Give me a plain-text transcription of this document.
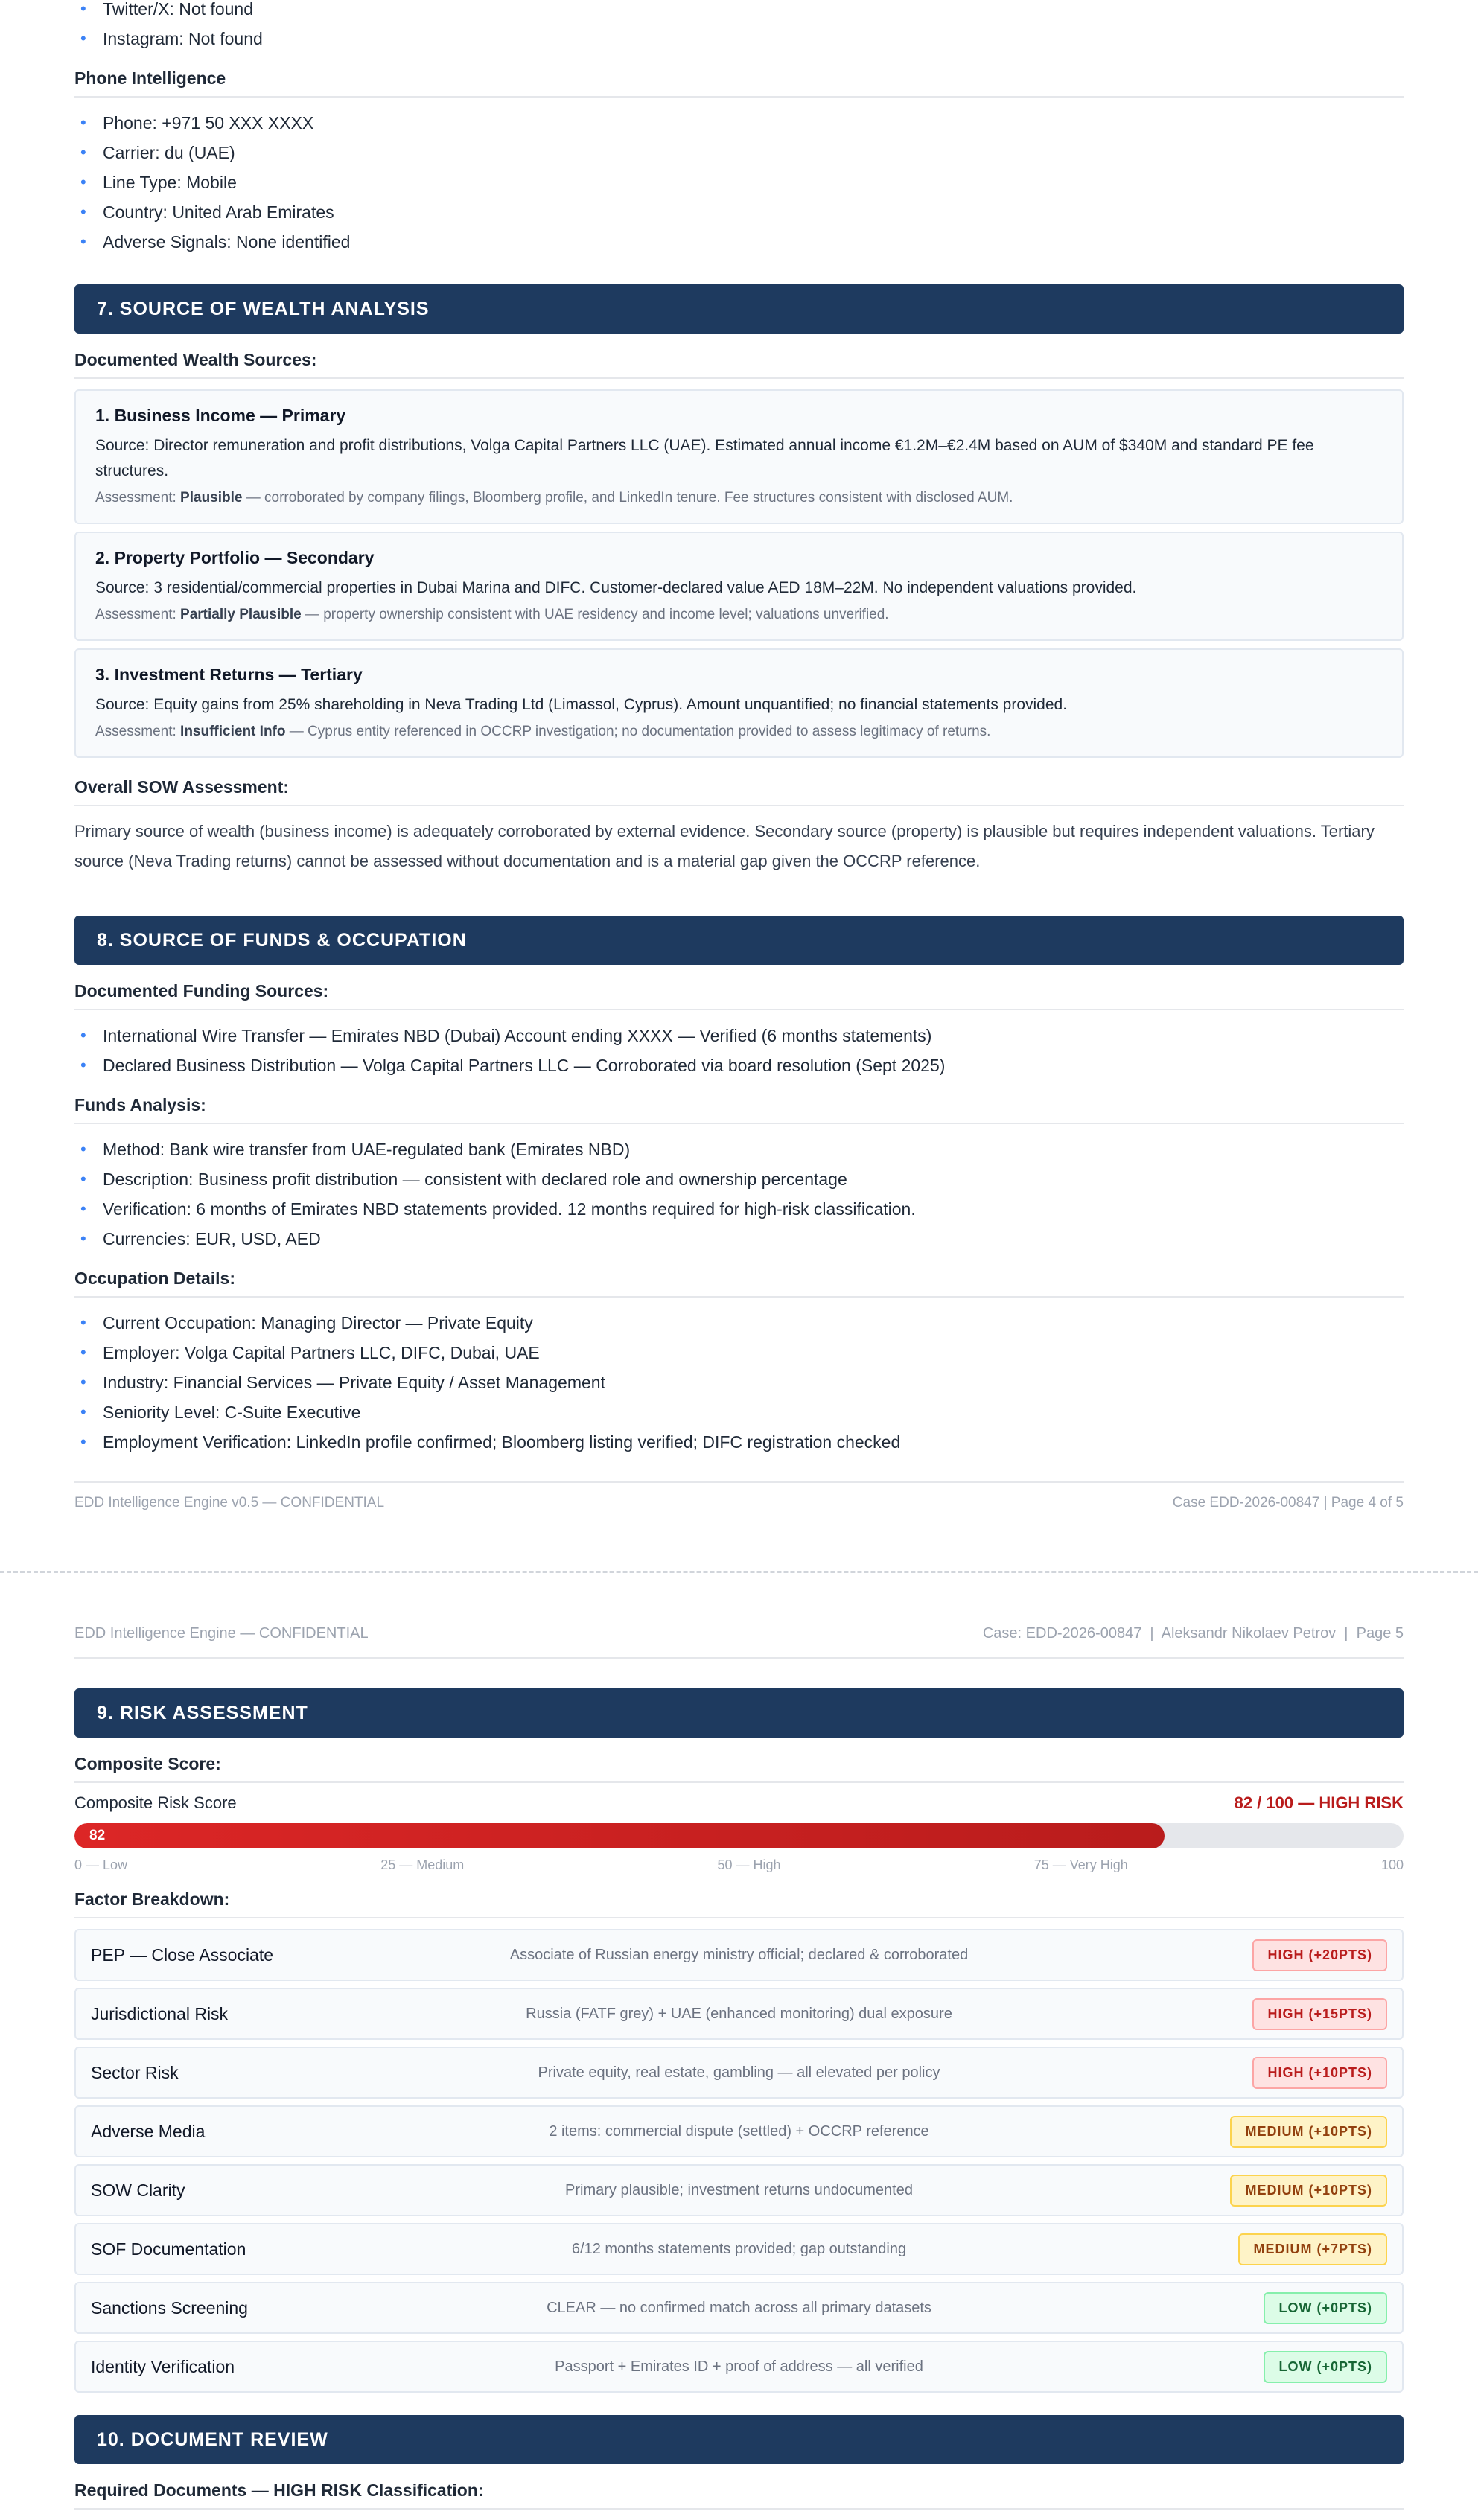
• Twitter/X: Not found
• Instagram: Not found
Phone Intelligence
• Phone: +971 50 XXX XXXX
• Carrier: du (UAE)
• Line Type: Mobile
• Country: United Arab Emirates
• Adverse Signals: None identified
7. SOURCE OF WEALTH ANALYSIS
Documented Wealth Sources:
1. Business Income — Primary
Source: Director remuneration and profit distributions, Volga Capital Partners LLC (UAE). Estimated annual income €1.2M–€2.4M based on AUM of $340M and standard PE fee structures.
Assessment: Plausible — corroborated by company filings, Bloomberg profile, and LinkedIn tenure. Fee structures consistent with disclosed AUM.
2. Property Portfolio — Secondary
Source: 3 residential/commercial properties in Dubai Marina and DIFC. Customer-declared value AED 18M–22M. No independent valuations provided.
Assessment: Partially Plausible — property ownership consistent with UAE residency and income level; valuations unverified.
3. Investment Returns — Tertiary
Source: Equity gains from 25% shareholding in Neva Trading Ltd (Limassol, Cyprus). Amount unquantified; no financial statements provided.
Assessment: Insufficient Info — Cyprus entity referenced in OCCRP investigation; no documentation provided to assess legitimacy of returns.
Overall SOW Assessment:
Primary source of wealth (business income) is adequately corroborated by external evidence. Secondary source (property) is plausible but requires independent valuations. Tertiary source (Neva Trading returns) cannot be assessed without documentation and is a material gap given the OCCRP reference.
8. SOURCE OF FUNDS & OCCUPATION
Documented Funding Sources:
• International Wire Transfer — Emirates NBD (Dubai) Account ending XXXX — Verified (6 months statements)
• Declared Business Distribution — Volga Capital Partners LLC — Corroborated via board resolution (Sept 2025)
Funds Analysis:
• Method: Bank wire transfer from UAE-regulated bank (Emirates NBD)
• Description: Business profit distribution — consistent with declared role and ownership percentage
• Verification: 6 months of Emirates NBD statements provided. 12 months required for high-risk classification.
• Currencies: EUR, USD, AED
Occupation Details:
• Current Occupation: Managing Director — Private Equity
• Employer: Volga Capital Partners LLC, DIFC, Dubai, UAE
• Industry: Financial Services — Private Equity / Asset Management
• Seniority Level: C-Suite Executive
• Employment Verification: LinkedIn profile confirmed; Bloomberg listing verified; DIFC registration checked
EDD Intelligence Engine v0.5 — CONFIDENTIAL	Case EDD-2026-00847 | Page 4 of 5
EDD Intelligence Engine — CONFIDENTIAL	Case: EDD-2026-00847  |  Aleksandr Nikolaev Petrov  |  Page 5
9. RISK ASSESSMENT
Composite Score:
Composite Risk Score	82 / 100 — HIGH RISK
82
0 — Low	25 — Medium	50 — High	75 — Very High	100
Factor Breakdown:
PEP — Close Associate	Associate of Russian energy ministry official; declared & corroborated	HIGH (+20PTS)
Jurisdictional Risk	Russia (FATF grey) + UAE (enhanced monitoring) dual exposure	HIGH (+15PTS)
Sector Risk	Private equity, real estate, gambling — all elevated per policy	HIGH (+10PTS)
Adverse Media	2 items: commercial dispute (settled) + OCCRP reference	MEDIUM (+10PTS)
SOW Clarity	Primary plausible; investment returns undocumented	MEDIUM (+10PTS)
SOF Documentation	6/12 months statements provided; gap outstanding	MEDIUM (+7PTS)
Sanctions Screening	CLEAR — no confirmed match across all primary datasets	LOW (+0PTS)
Identity Verification	Passport + Emirates ID + proof of address — all verified	LOW (+0PTS)
10. DOCUMENT REVIEW
Required Documents — HIGH RISK Classification:
